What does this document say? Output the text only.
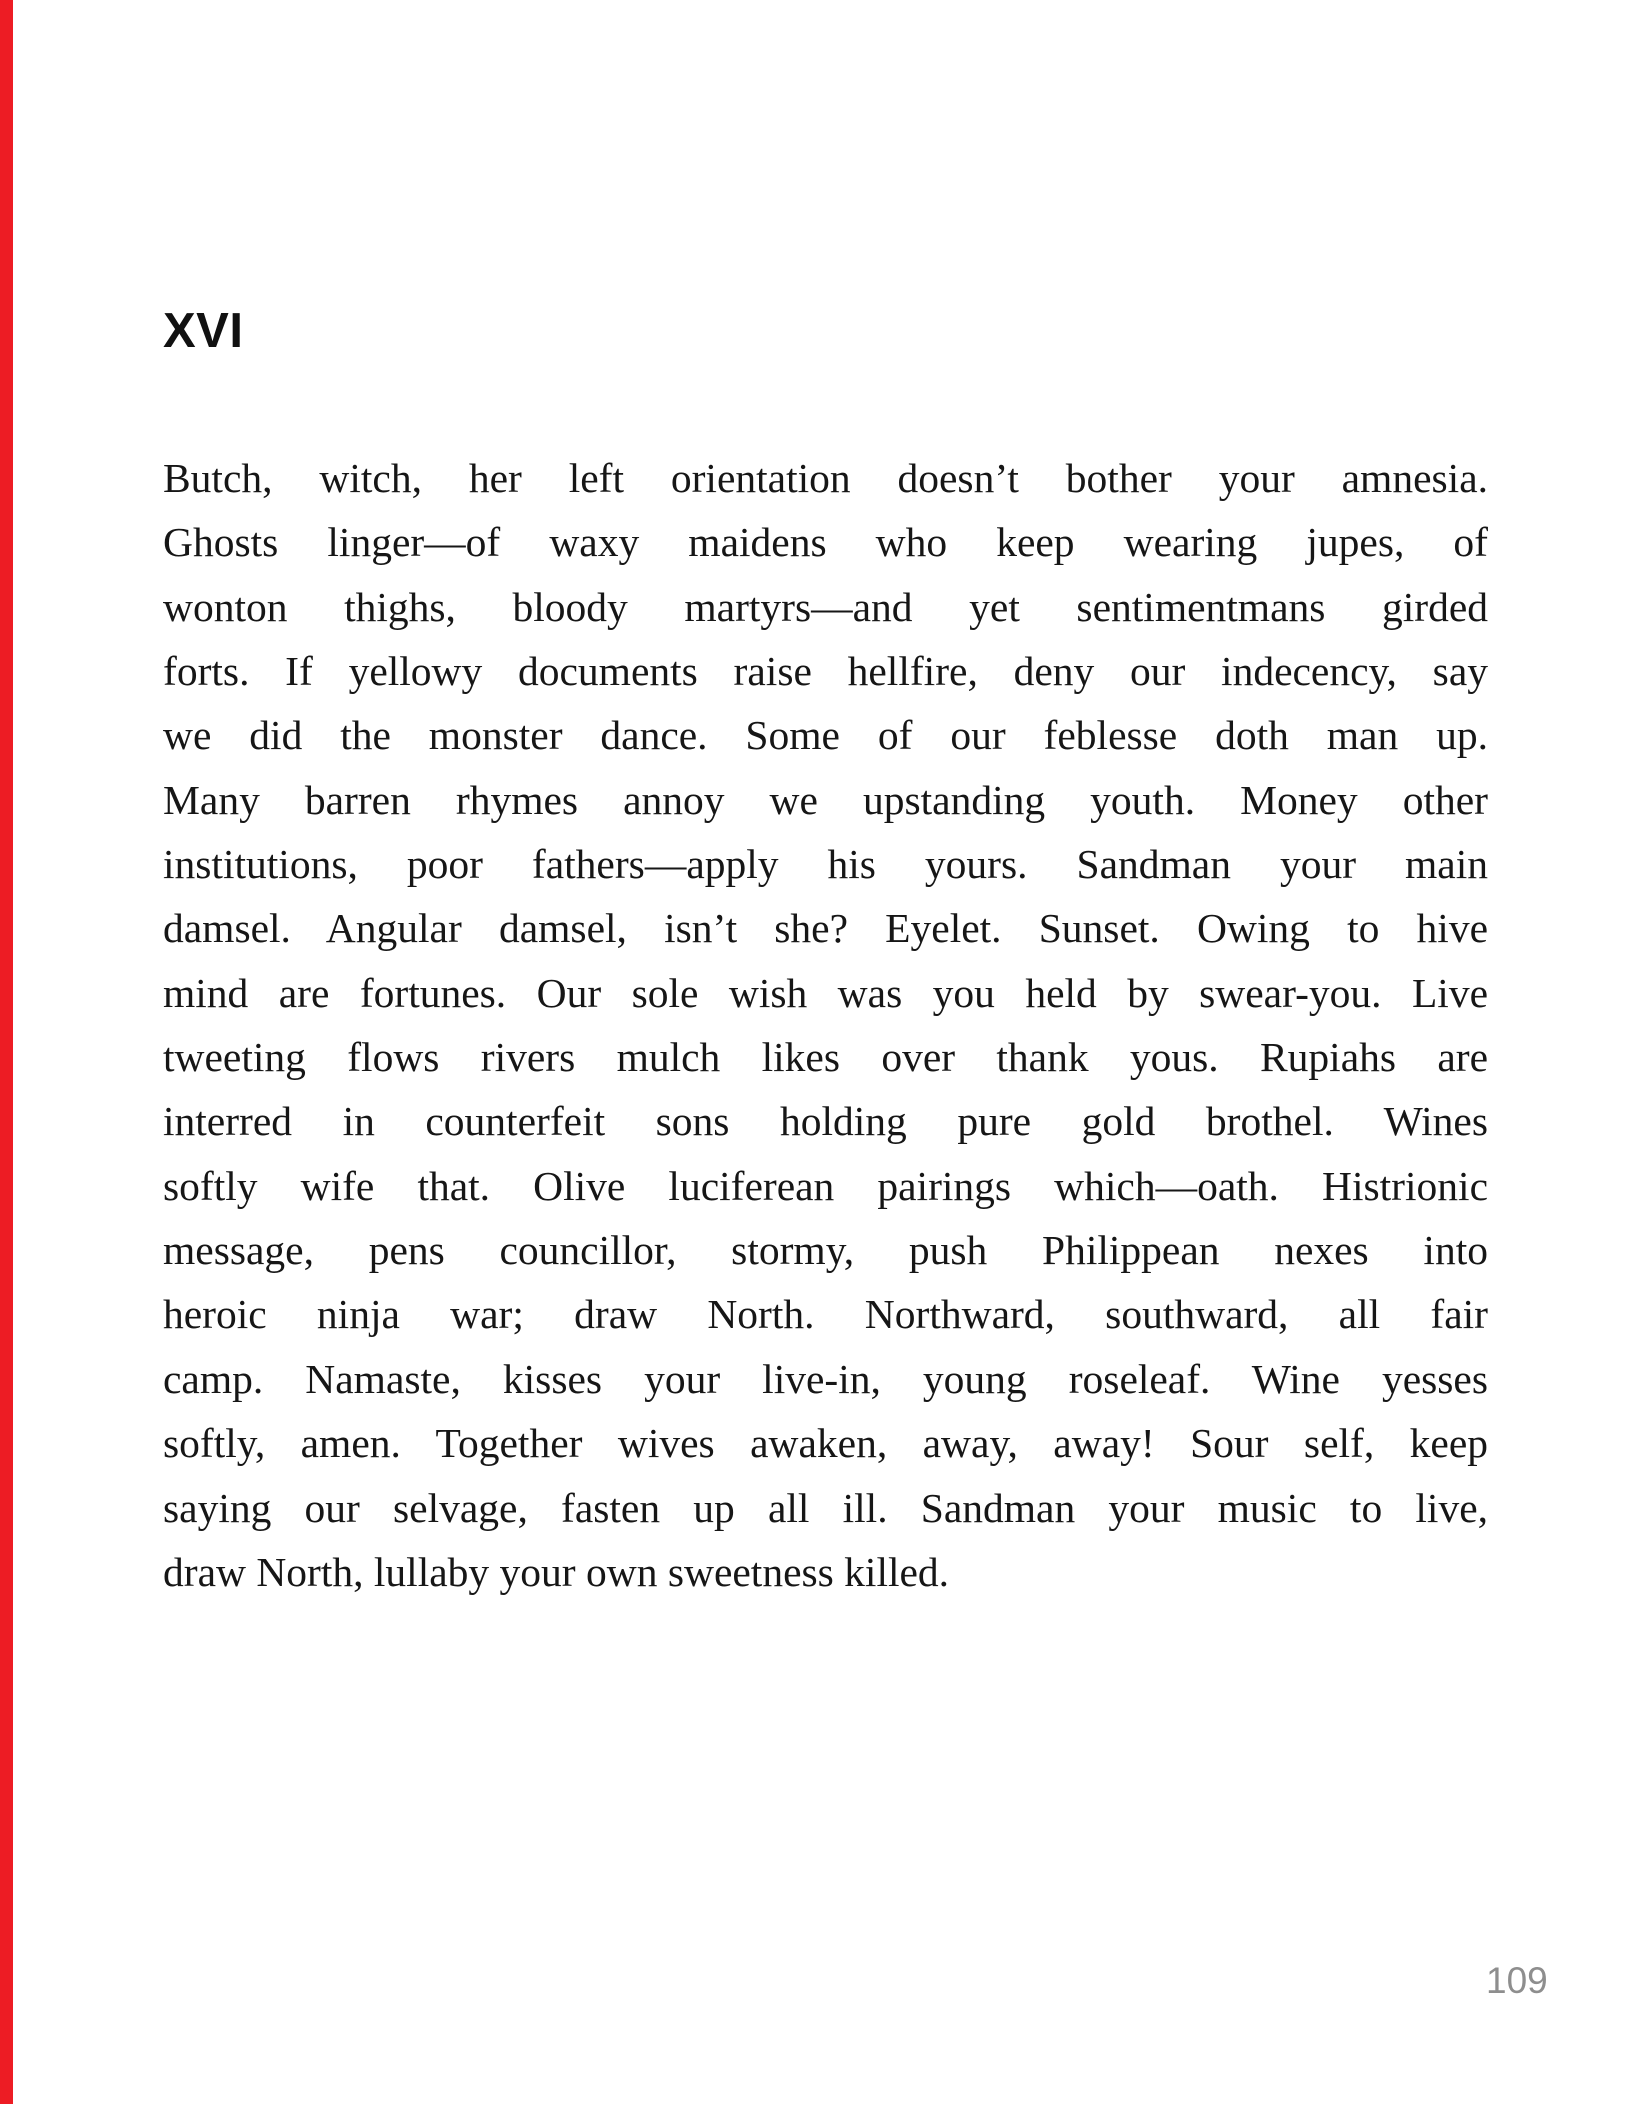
XVI
Butch, witch, her left orientation doesn’t bother your amnesia.
Ghosts linger—of waxy maidens who keep wearing jupes, of
wonton thighs, bloody martyrs—and yet sentimentmans girded
forts. If yellowy documents raise hellfire, deny our indecency, say
we did the monster dance. Some of our feblesse doth man up.
Many barren rhymes annoy we upstanding youth. Money other
institutions, poor fathers—apply his yours. Sandman your main
damsel. Angular damsel, isn’t she? Eyelet. Sunset. Owing to hive
mind are fortunes. Our sole wish was you held by swear-you. Live
tweeting flows rivers mulch likes over thank yous. Rupiahs are
interred in counterfeit sons holding pure gold brothel. Wines
softly wife that. Olive luciferean pairings which—oath. Histrionic
message, pens councillor, stormy, push Philippean nexes into
heroic ninja war; draw North. Northward, southward, all fair
camp. Namaste, kisses your live-in, young roseleaf. Wine yesses
softly, amen. Together wives awaken, away, away! Sour self, keep
saying our selvage, fasten up all ill. Sandman your music to live,
draw North, lullaby your own sweetness killed.
109
